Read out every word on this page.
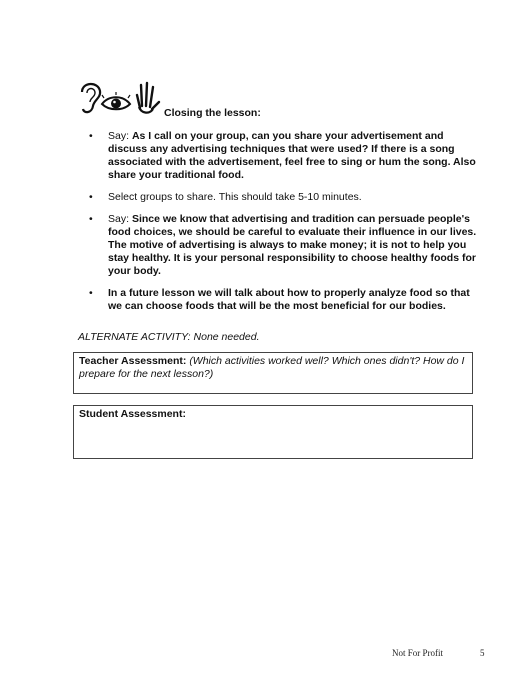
Closing the lesson:
• Say: As I call on your group, can you share your advertisement and discuss any advertising techniques that were used? If there is a song associated with the advertisement, feel free to sing or hum the song. Also share your traditional food.
• Select groups to share. This should take 5-10 minutes.
• Say: Since we know that advertising and tradition can persuade people's food choices, we should be careful to evaluate their influence in our lives. The motive of advertising is always to make money; it is not to help you stay healthy. It is your personal responsibility to choose healthy foods for your body.
• In a future lesson we will talk about how to properly analyze food so that we can choose foods that will be the most beneficial for our bodies.
ALTERNATE ACTIVITY: None needed.
Teacher Assessment: (Which activities worked well? Which ones didn't? How do I prepare for the next lesson?)
Student Assessment:
Not For Profit	5
